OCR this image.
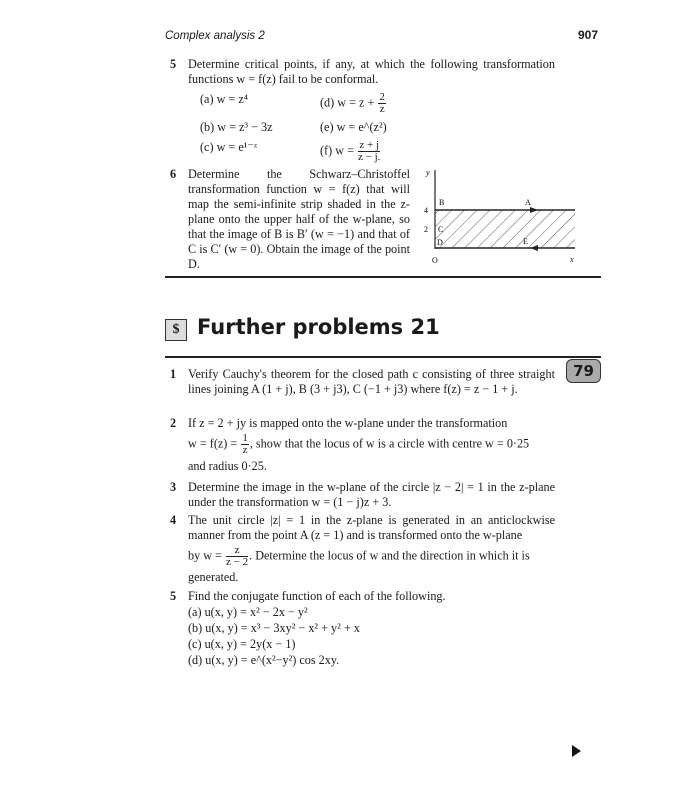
Complex analysis 2	907
5 Determine critical points, if any, at which the following transformation functions w = f(z) fail to be conformal.
(a) w = z⁴	(d) $w = z + \frac{2}{z}$
(b) w = z³ − 3z	(e) w = e^(z²)
(c) w = e¹⁻ᶻ	(f) $w = \frac{z + j}{z - j.}$
6 Determine the Schwarz–Christoffel transformation function w = f(z) that will map the semi-infinite strip shaded in the z-plane onto the upper half of the w-plane, so that the image of B is B′ (w = −1) and that of C is C′ (w = 0). Obtain the image of the point D.
y
x
O
4
2
B	A
C
D	E
$ Further problems 21
79
1 Verify Cauchy's theorem for the closed path c consisting of three straight lines joining A (1 + j), B (3 + j3), C (−1 + j3) where f(z) = z − 1 + j.
2 If z = 2 + jy is mapped onto the w-plane under the transformation
$w = f(z) = \frac{1}{z}$ , show that the locus of w is a circle with centre w = 0·25
and radius 0·25.
3 Determine the image in the w-plane of the circle |z − 2| = 1 in the z-plane under the transformation w = (1 − j)z + 3.
4 The unit circle |z| = 1 in the z-plane is generated in an anticlockwise manner from the point A (z = 1) and is transformed onto the w-plane
by $w = \frac{z}{z - 2}$ . Determine the locus of w and the direction in which it is
generated.
5 Find the conjugate function of each of the following.
(a) u(x, y) = x² − 2x − y²
(b) u(x, y) = x³ − 3xy² − x² + y² + x
(c) u(x, y) = 2y(x − 1)
(d) u(x, y) = e^(x²−y²) cos 2xy.
